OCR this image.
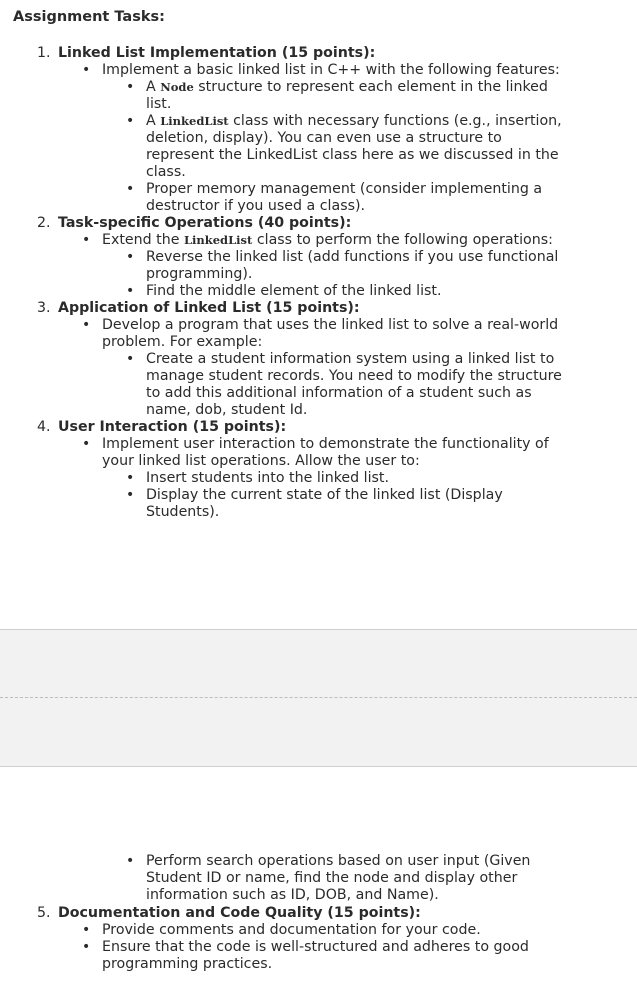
Assignment Tasks:
1. Linked List Implementation (15 points):
• Implement a basic linked list in C++ with the following features:
• A Node structure to represent each element in the linked
list.
• A LinkedList class with necessary functions (e.g., insertion,
deletion, display). You can even use a structure to
represent the LinkedList class here as we discussed in the
class.
• Proper memory management (consider implementing a
destructor if you used a class).
2. Task-specific Operations (40 points):
• Extend the LinkedList class to perform the following operations:
• Reverse the linked list (add functions if you use functional
programming).
• Find the middle element of the linked list.
3. Application of Linked List (15 points):
• Develop a program that uses the linked list to solve a real-world
problem. For example:
• Create a student information system using a linked list to
manage student records. You need to modify the structure
to add this additional information of a student such as
name, dob, student Id.
4. User Interaction (15 points):
• Implement user interaction to demonstrate the functionality of
your linked list operations. Allow the user to:
• Insert students into the linked list.
• Display the current state of the linked list (Display
Students).
• Perform search operations based on user input (Given
Student ID or name, find the node and display other
information such as ID, DOB, and Name).
5. Documentation and Code Quality (15 points):
• Provide comments and documentation for your code.
• Ensure that the code is well-structured and adheres to good
programming practices.
